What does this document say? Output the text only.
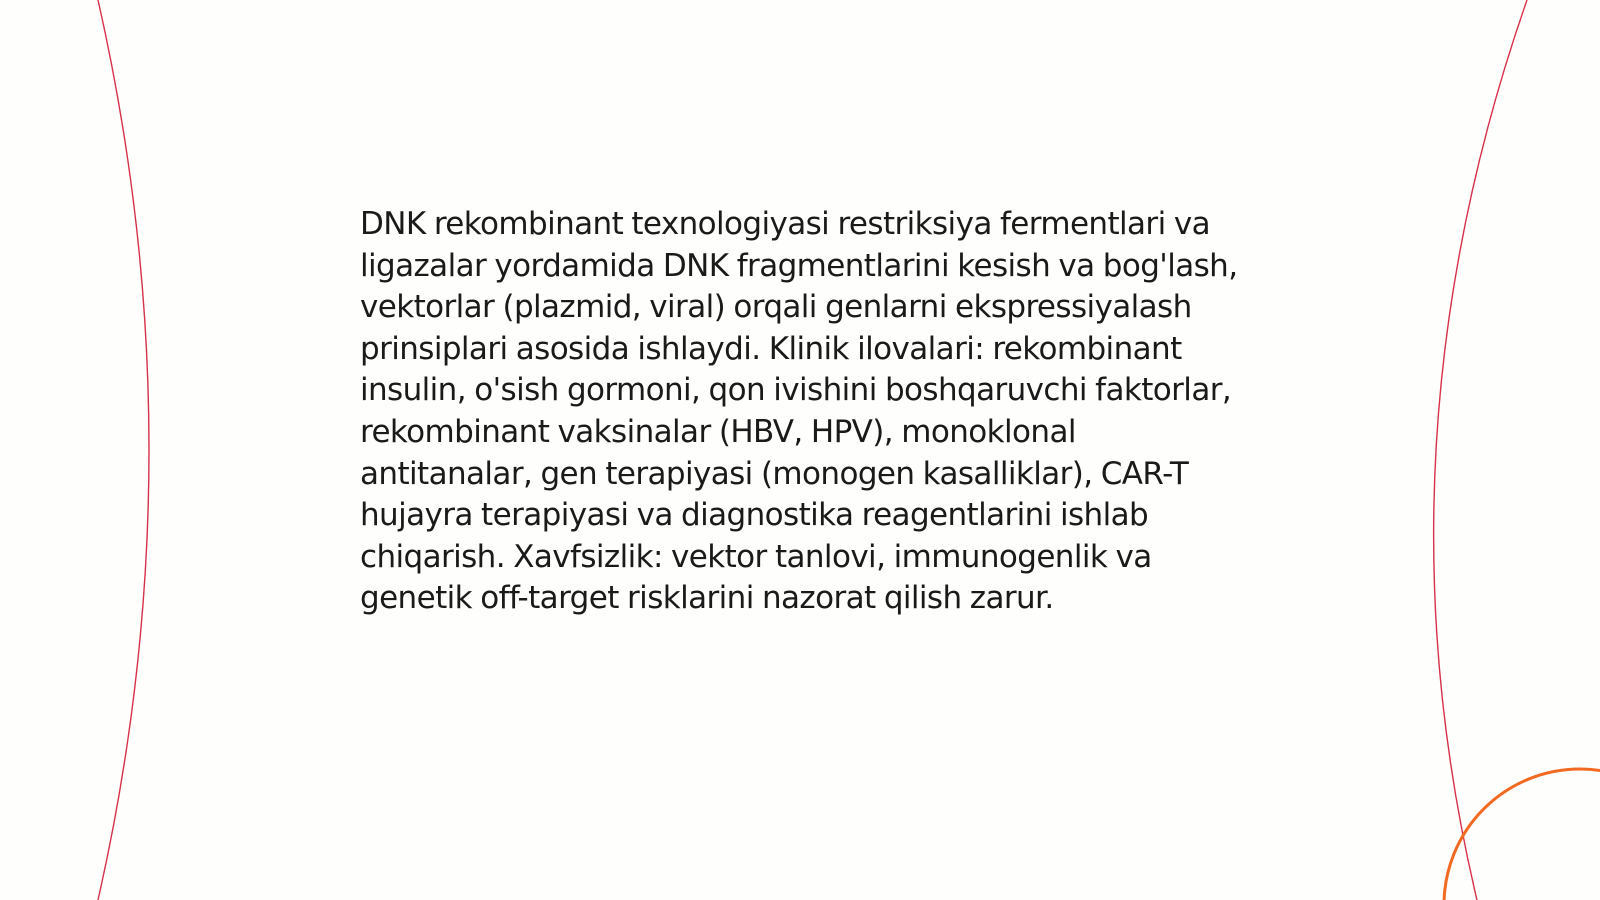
DNK rekombinant texnologiyasi restriksiya fermentlari va ligazalar yordamida DNK fragmentlarini kesish va bog'lash, vektorlar (plazmid, viral) orqali genlarni ekspressiyalash prinsiplari asosida ishlaydi. Klinik ilovalari: rekombinant insulin, o'sish gormoni, qon ivishini boshqaruvchi faktorlar, rekombinant vaksinalar (HBV, HPV), monoklonal antitanalar, gen terapiyasi (monogen kasalliklar), CAR-T hujayra terapiyasi va diagnostika reagentlarini ishlab chiqarish. Xavfsizlik: vektor tanlovi, immunogenlik va genetik off-target risklarini nazorat qilish zarur.
